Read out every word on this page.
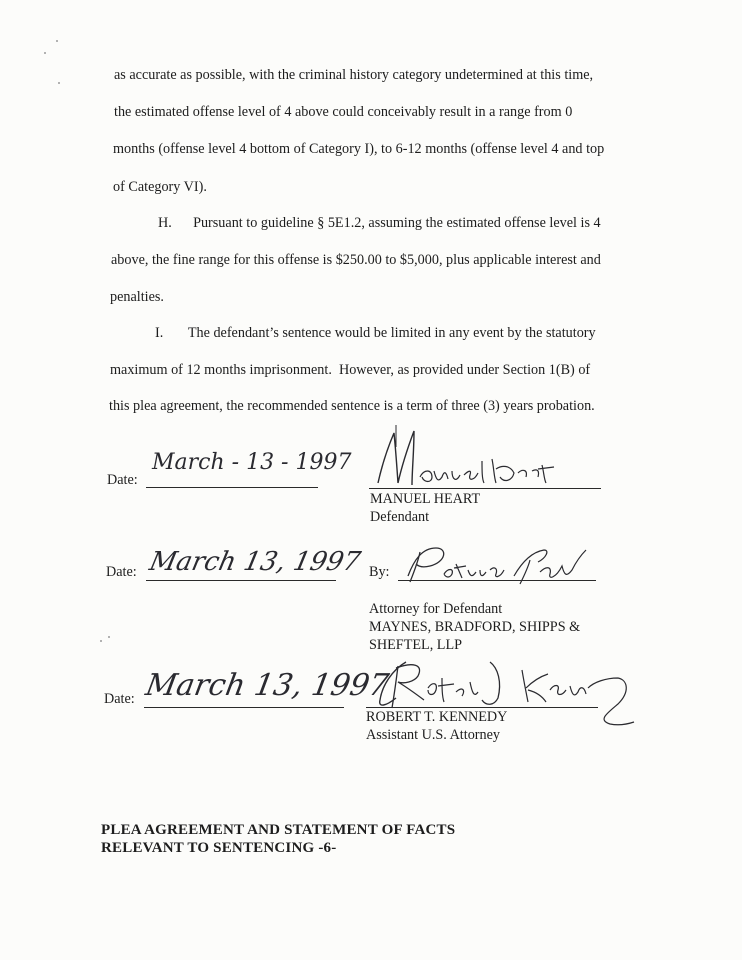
as accurate as possible, with the criminal history category undetermined at this time,
the estimated offense level of 4 above could conceivably result in a range from 0
months (offense level 4 bottom of Category I), to 6-12 months (offense level 4 and top
of Category VI).
H.      Pursuant to guideline § 5E1.2, assuming the estimated offense level is 4
above, the fine range for this offense is $250.00 to $5,000, plus applicable interest and
penalties.
I.       The defendant’s sentence would be limited in any event by the statutory
maximum of 12 months imprisonment.  However, as provided under Section 1(B) of
this plea agreement, the recommended sentence is a term of three (3) years probation.
Date:
March - 13 - 1997
MANUEL HEART
Defendant
Date: March 13, 1997 By:
Attorney for Defendant
MAYNES, BRADFORD, SHIPPS &
SHEFTEL, LLP
Date: March 13, 1997
ROBERT T. KENNEDY
Assistant U.S. Attorney
PLEA AGREEMENT AND STATEMENT OF FACTS
RELEVANT TO SENTENCING -6-
